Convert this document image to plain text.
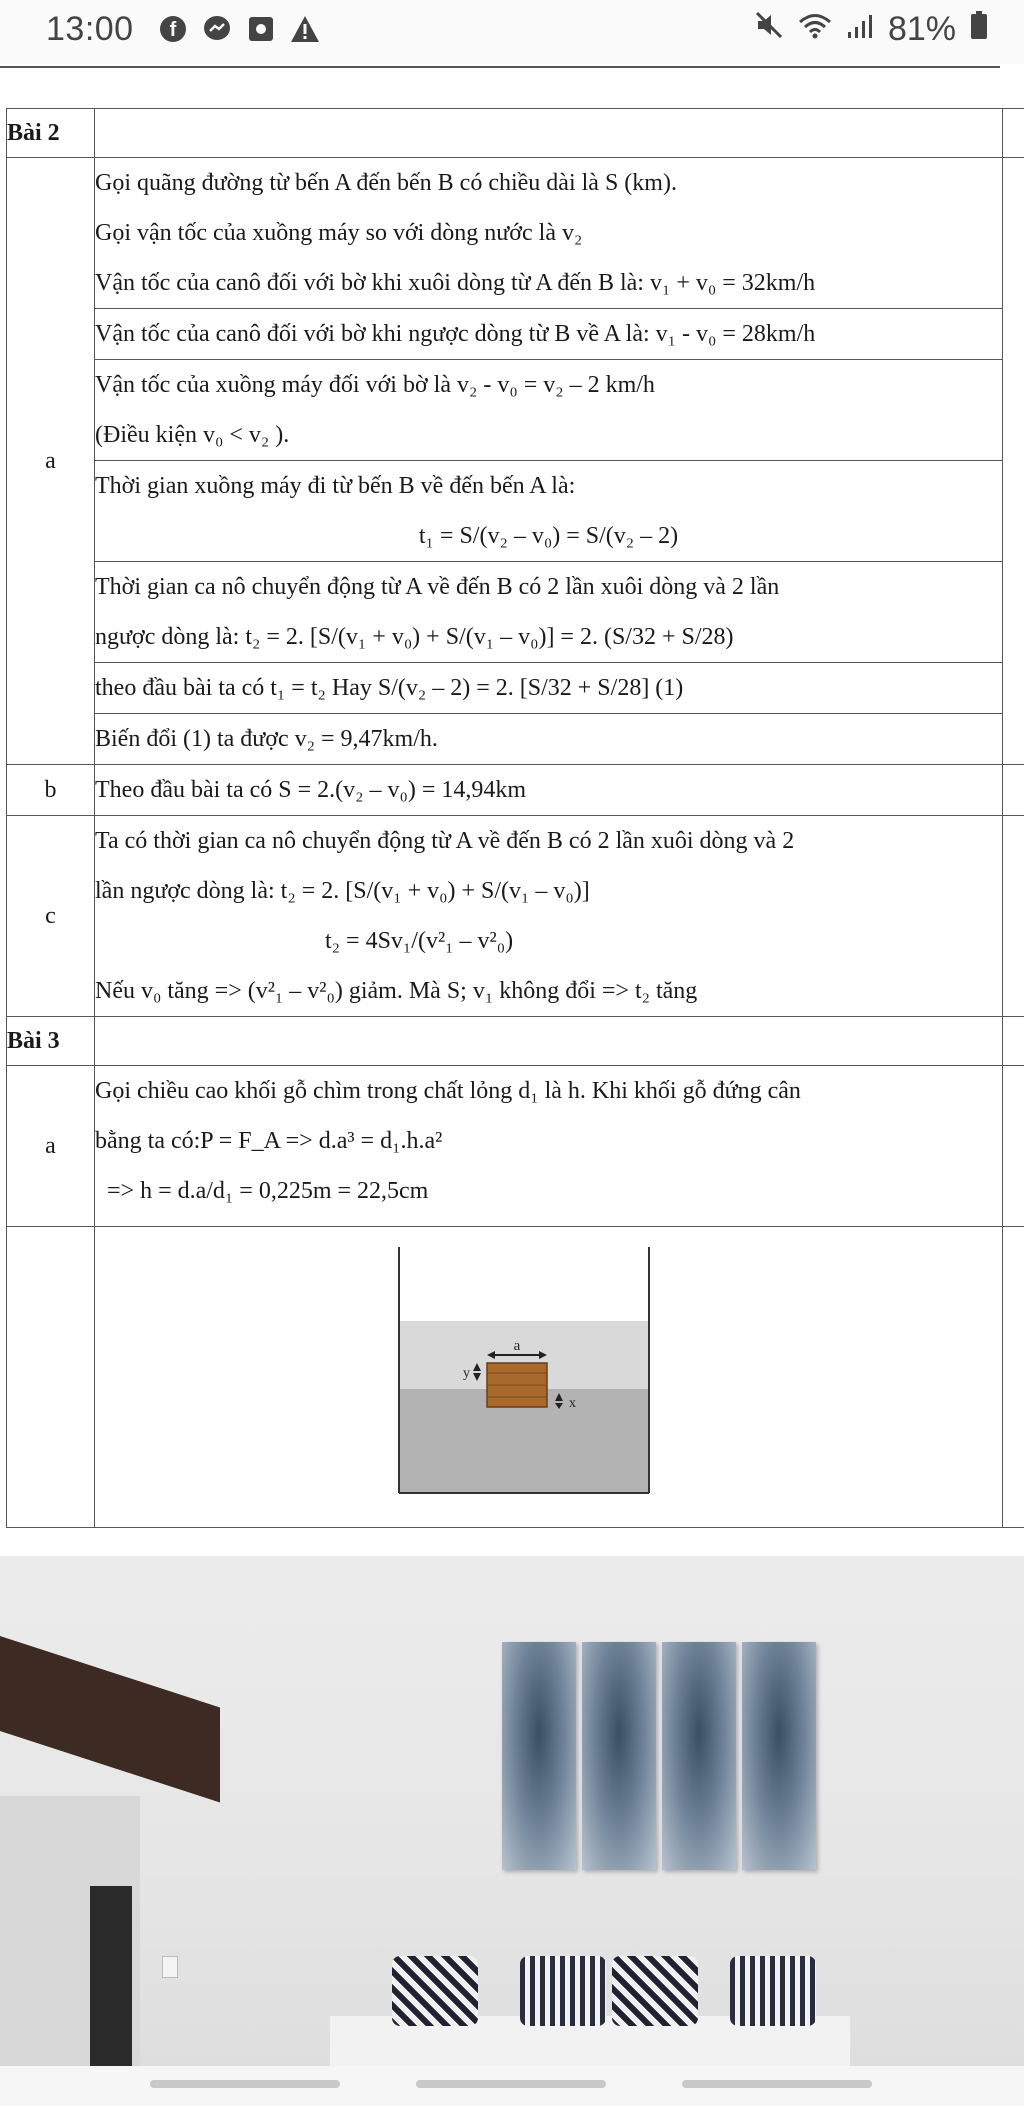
13:00 f	81%
Bài 2		
a	Gọi quãng đường từ bến A đến bến B có chiều dài là S (km).
Gọi vận tốc của xuồng máy so với dòng nước là v₂
Vận tốc của canô đối với bờ khi xuôi dòng từ A đến B là: v₁ + v₀ = 32km/h	

	Vận tốc của canô đối với bờ khi ngược dòng từ B về A là: v₁ - v₀ = 28km/h	

	Vận tốc của xuồng máy đối với bờ là v₂ - v₀ = v₂ – 2 km/h
(Điều kiện v₀ < v₂ ).	

	Thời gian xuồng máy đi từ bến B về đến bến A là:
t₁ = S/(v₂ – v₀) = S/(v₂ – 2)	

	Thời gian ca nô chuyển động từ A về đến B có 2 lần xuôi dòng và 2 lần
ngược dòng là: t₂ = 2. [S/(v₁ + v₀) + S/(v₁ – v₀)] = 2. (S/32 + S/28)	

	theo đầu bài ta có t₁ = t₂ Hay S/(v₂ – 2) = 2. [S/32 + S/28] (1)	

	Biến đổi (1) ta được v₂ = 9,47km/h.	

b	Theo đầu bài ta có S = 2.(v₂ – v₀) = 14,94km	

c	Ta có thời gian ca nô chuyển động từ A về đến B có 2 lần xuôi dòng và 2
lần ngược dòng là: t₂ = 2. [S/(v₁ + v₀) + S/(v₁ – v₀)]
t₂ = 4Sv₁/(v²₁ – v²₀)
Nếu v₀ tăng => (v²₁ – v²₀) giảm. Mà S; v₁ không đổi => t₂ tăng	

Bài 3		
a	Gọi chiều cao khối gỗ chìm trong chất lỏng d₁ là h. Khi khối gỗ đứng cân
bằng ta có:P = F_A => d.a³ = d₁.h.a²
=> h = d.a/d₁ = 0,225m = 22,5cm	

a
y
x	
